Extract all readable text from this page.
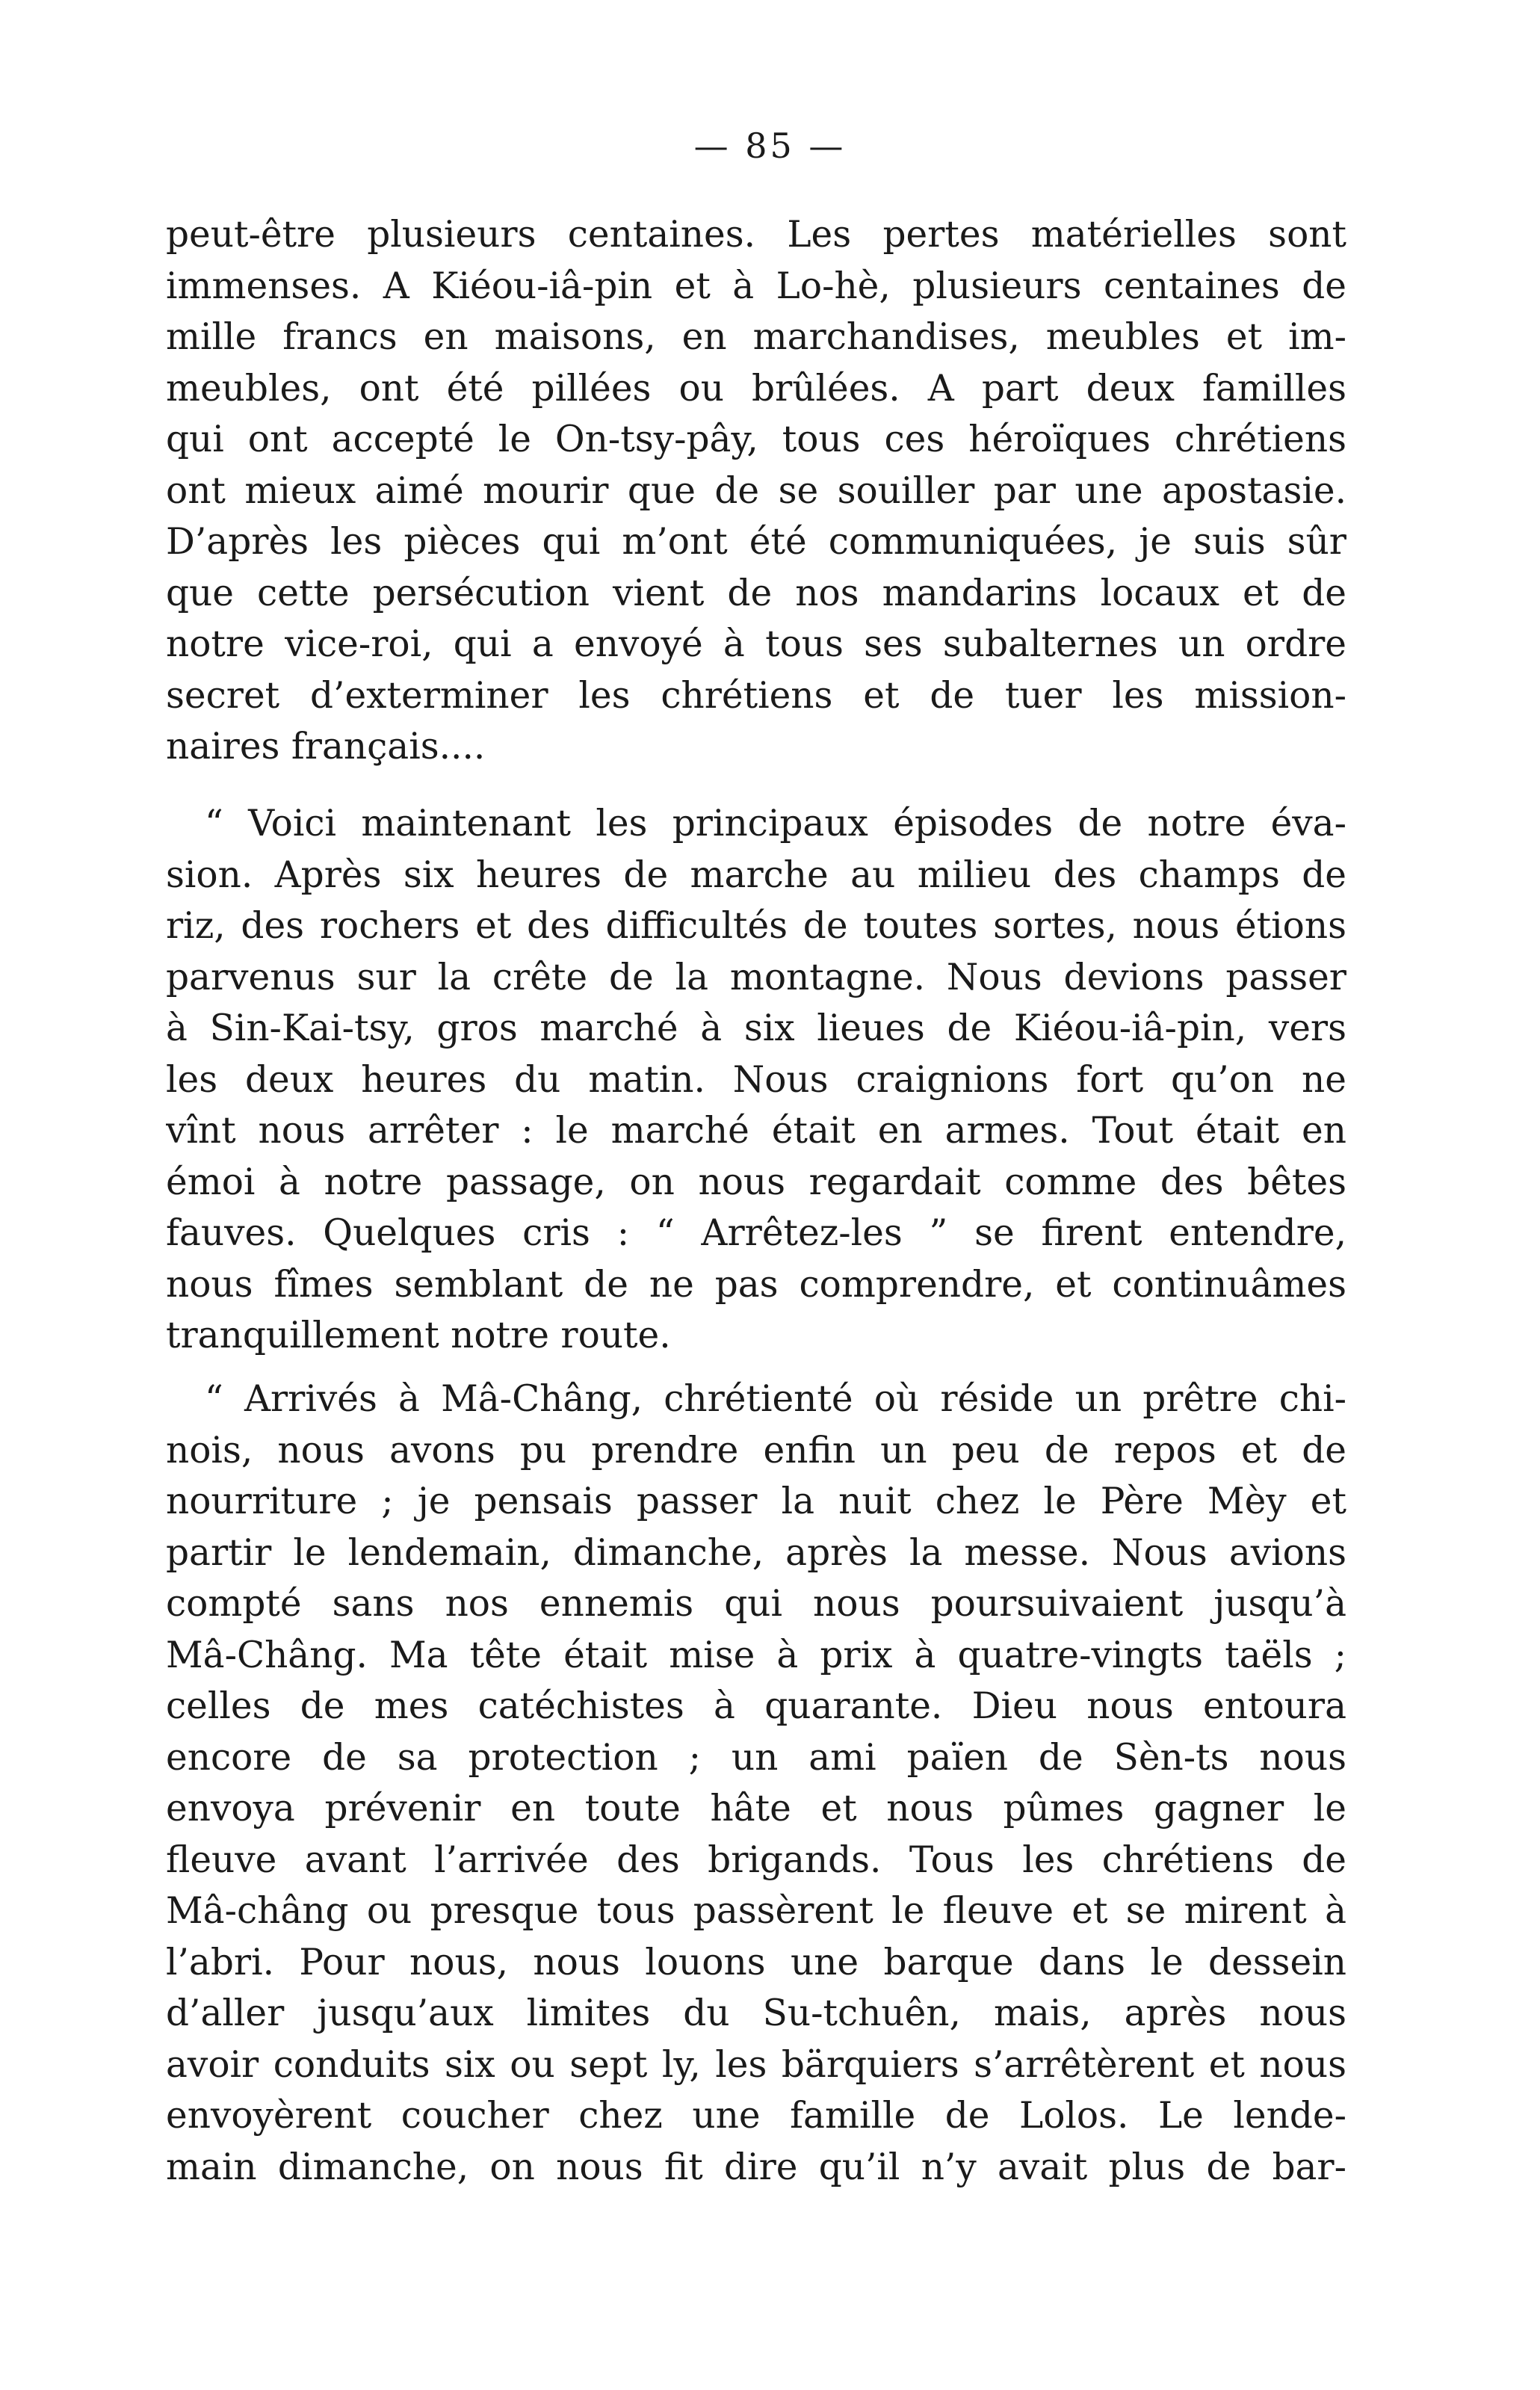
— 85 —
peut-être plusieurs centaines. Les pertes matérielles sont
immenses. A Kiéou-iâ-pin et à Lo-hè, plusieurs centaines de
mille francs en maisons, en marchandises, meubles et im-
meubles, ont été pillées ou brûlées. A part deux familles
qui ont accepté le On-tsy-pây, tous ces héroïques chrétiens
ont mieux aimé mourir que de se souiller par une apostasie.
D’après les pièces qui m’ont été communiquées, je suis sûr
que cette persécution vient de nos mandarins locaux et de
notre vice-roi, qui a envoyé à tous ses subalternes un ordre
secret d’exterminer les chrétiens et de tuer les mission-
naires français....
“ Voici maintenant les principaux épisodes de notre éva-
sion. Après six heures de marche au milieu des champs de
riz, des rochers et des difficultés de toutes sortes, nous étions
parvenus sur la crête de la montagne. Nous devions passer
à Sin-Kai-tsy, gros marché à six lieues de Kiéou-iâ-pin, vers
les deux heures du matin. Nous craignions fort qu’on ne
vînt nous arrêter : le marché était en armes. Tout était en
émoi à notre passage, on nous regardait comme des bêtes
fauves. Quelques cris : “ Arrêtez-les ” se firent entendre,
nous fîmes semblant de ne pas comprendre, et continuâmes
tranquillement notre route.
“ Arrivés à Mâ-Châng, chrétienté où réside un prêtre chi-
nois, nous avons pu prendre enfin un peu de repos et de
nourriture ; je pensais passer la nuit chez le Père Mèy et
partir le lendemain, dimanche, après la messe. Nous avions
compté sans nos ennemis qui nous poursuivaient jusqu’à
Mâ-Châng. Ma tête était mise à prix à quatre-vingts taëls ;
celles de mes catéchistes à quarante. Dieu nous entoura
encore de sa protection ; un ami païen de Sèn-ts nous
envoya prévenir en toute hâte et nous pûmes gagner le
fleuve avant l’arrivée des brigands. Tous les chrétiens de
Mâ-châng ou presque tous passèrent le fleuve et se mirent à
l’abri. Pour nous, nous louons une barque dans le dessein
d’aller jusqu’aux limites du Su-tchuên, mais, après nous
avoir conduits six ou sept ly, les bärquiers s’arrêtèrent et nous
envoyèrent coucher chez une famille de Lolos. Le lende-
main dimanche, on nous fit dire qu’il n’y avait plus de bar-
